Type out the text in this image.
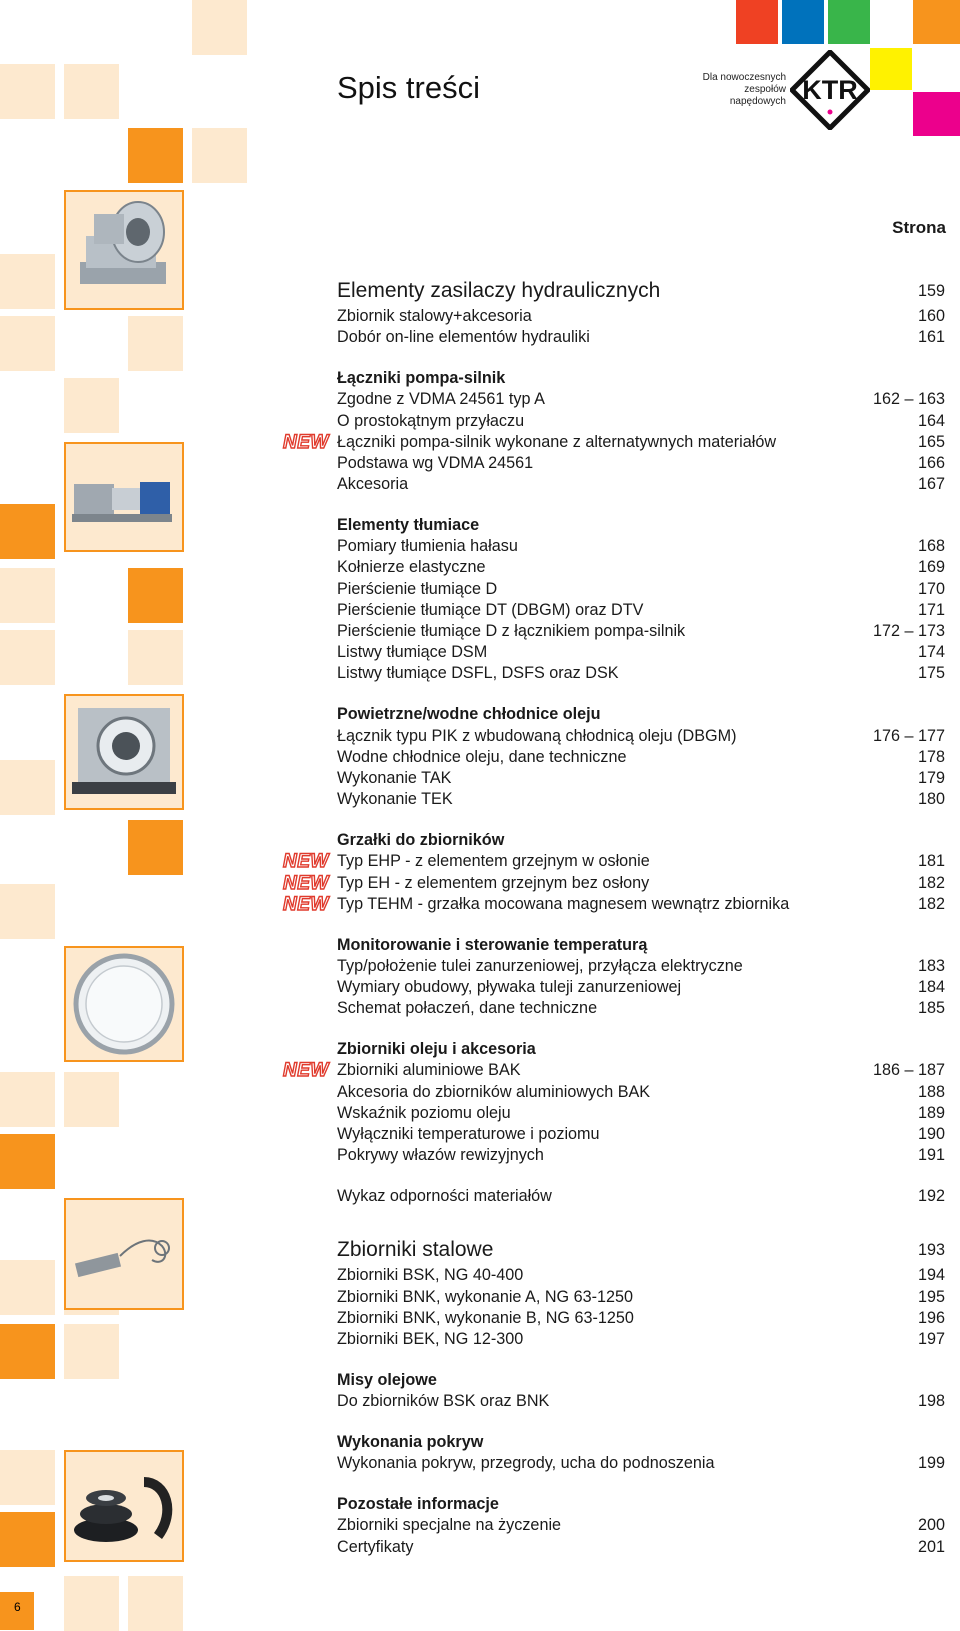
Spis treści	Dla nowoczesnych
zespołów
napędowych KTR
Strona
Elementy zasilaczy hydraulicznych	159
Zbiornik stalowy+akcesoria	160
Dobór on-line elementów hydrauliki	161
Łączniki pompa-silnik
Zgodne z VDMA 24561 typ A	162 – 163
O prostokątnym przyłaczu	164
NEW Łączniki pompa-silnik wykonane z alternatywnych materiałów	165
Podstawa wg VDMA 24561	166
Akcesoria	167
Elementy tłumiace
Pomiary tłumienia hałasu	168
Kołnierze elastyczne	169
Pierścienie tłumiące D	170
Pierścienie tłumiące DT (DBGM) oraz DTV	171
Pierścienie tłumiące D z łącznikiem pompa-silnik	172 – 173
Listwy tłumiące DSM	174
Listwy tłumiące DSFL, DSFS oraz DSK	175
Powietrzne/wodne chłodnice oleju
Łącznik typu PIK z wbudowaną chłodnicą oleju (DBGM)	176 – 177
Wodne chłodnice oleju, dane techniczne	178
Wykonanie TAK	179
Wykonanie TEK	180
Grzałki do zbiorników
NEW Typ EHP - z elementem grzejnym w osłonie	181
NEW Typ EH - z elementem grzejnym bez osłony	182
NEW Typ TEHM - grzałka mocowana magnesem wewnątrz zbiornika	182
Monitorowanie i sterowanie temperaturą
Typ/położenie tulei zanurzeniowej, przyłącza elektryczne	183
Wymiary obudowy, pływaka tuleji zanurzeniowej	184
Schemat połaczeń, dane techniczne	185
Zbiorniki oleju i akcesoria
NEW Zbiorniki aluminiowe BAK	186 – 187
Akcesoria do zbiorników aluminiowych BAK	188
Wskaźnik poziomu oleju	189
Wyłączniki temperaturowe i poziomu	190
Pokrywy włazów rewizyjnych	191
Wykaz odporności materiałów	192
Zbiorniki stalowe	193
Zbiorniki BSK, NG 40-400	194
Zbiorniki BNK, wykonanie A, NG 63-1250	195
Zbiorniki BNK, wykonanie B, NG 63-1250	196
Zbiorniki BEK, NG 12-300	197
Misy olejowe
Do zbiorników BSK oraz BNK	198
Wykonania pokryw
Wykonania pokryw, przegrody, ucha do podnoszenia	199
Pozostałe informacje
Zbiorniki specjalne na życzenie	200
Certyfikaty	201
6
